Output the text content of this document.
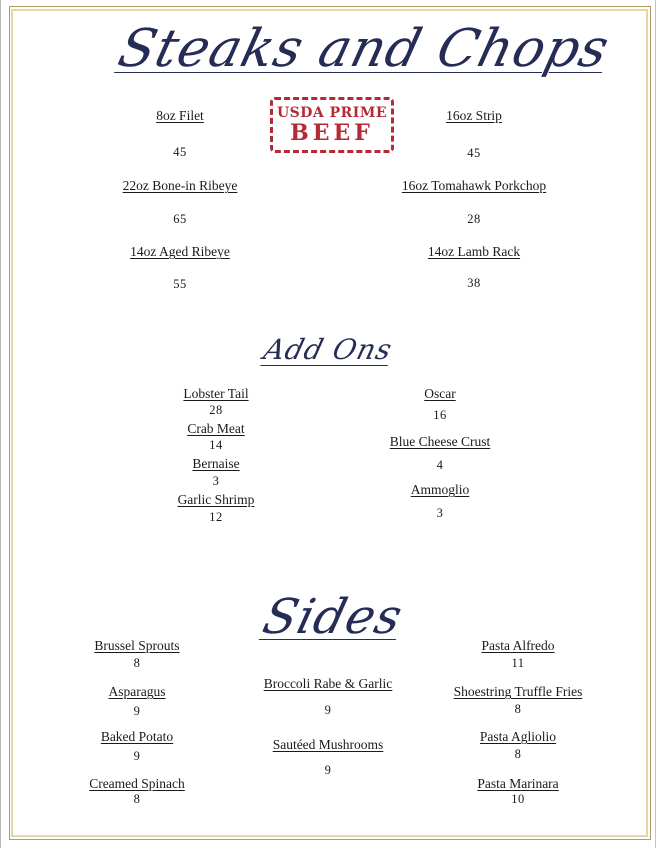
Steaks and Chops
USDA PRIME
BEEF
8oz Filet
45
16oz Strip
45
22oz Bone-in Ribeye
65
16oz Tomahawk Porkchop
28
14oz Aged Ribeye
55
14oz Lamb Rack
38
Add Ons
Lobster Tail
28
Crab Meat
14
Bernaise
3
Garlic Shrimp
12
Oscar
16
Blue Cheese Crust
4
Ammoglio
3
Sides
Brussel Sprouts
8
Asparagus
9
Baked Potato
9
Creamed Spinach
8
Broccoli Rabe & Garlic
9
Sautéed Mushrooms
9
Pasta Alfredo
11
Shoestring Truffle Fries
8
Pasta Agliolio
8
Pasta Marinara
10
